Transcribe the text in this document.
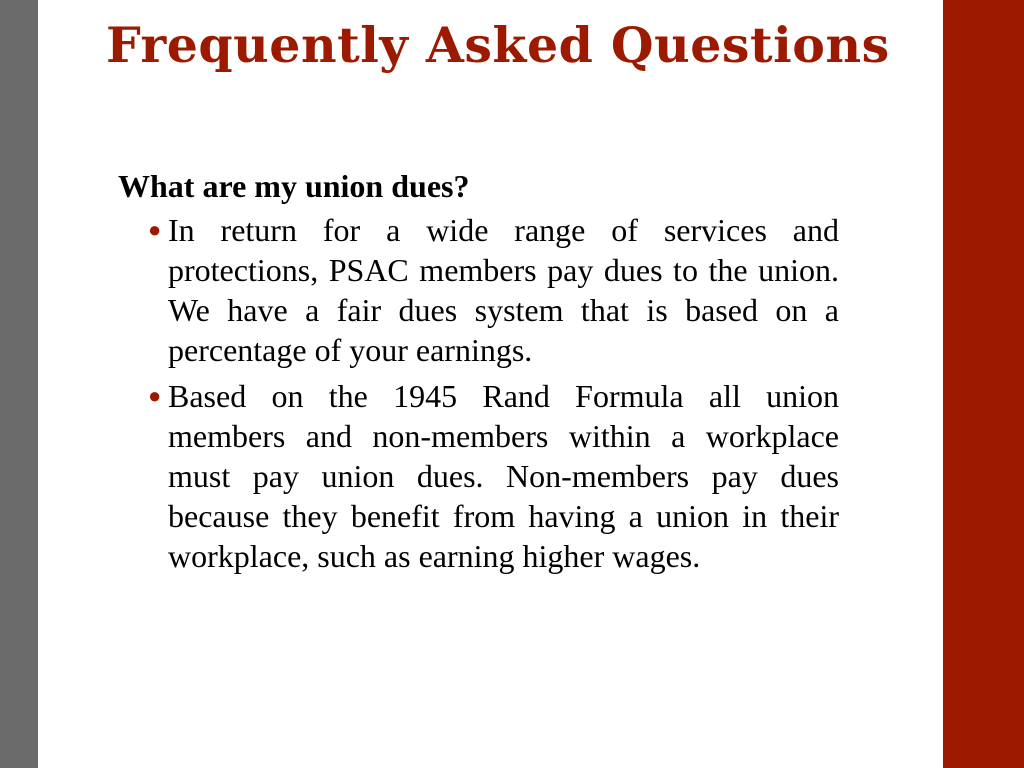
Frequently Asked Questions

What are my union dues?

● In return for a wide range of services and protections, PSAC members pay dues to the union. We have a fair dues system that is based on a percentage of your earnings.
● Based on the 1945 Rand Formula all union members and non-members within a workplace must pay union dues. Non-members pay dues because they benefit from having a union in their workplace, such as earning higher wages.
